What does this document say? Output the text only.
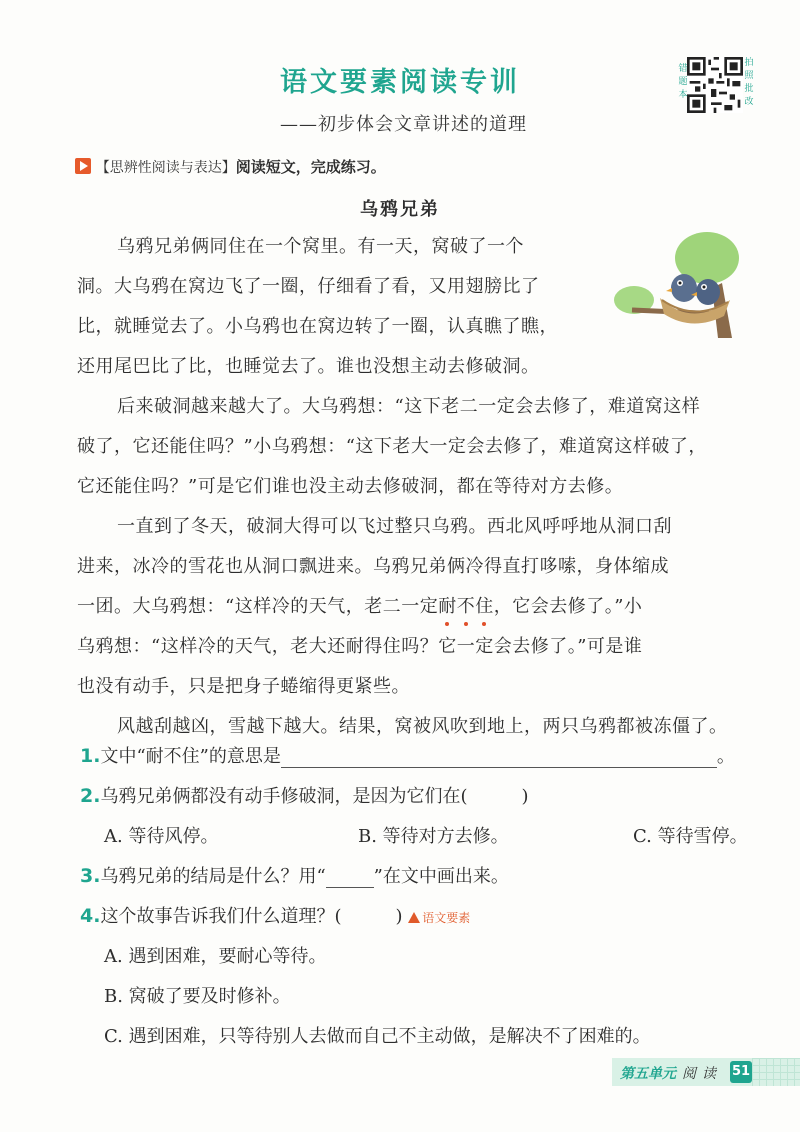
语文要素阅读专训
——初步体会文章讲述的道理
错题本
拍照批改
【思辨性阅读与表达】阅读短文，完成练习。
乌鸦兄弟
乌鸦兄弟俩同住在一个窝里。有一天，窝破了一个
洞。大乌鸦在窝边飞了一圈，仔细看了看，又用翅膀比了
比，就睡觉去了。小乌鸦也在窝边转了一圈，认真瞧了瞧，
还用尾巴比了比，也睡觉去了。谁也没想主动去修破洞。
后来破洞越来越大了。大乌鸦想：“这下老二一定会去修了，难道窝这样
破了，它还能住吗？”小乌鸦想：“这下老大一定会去修了，难道窝这样破了，
它还能住吗？”可是它们谁也没主动去修破洞，都在等待对方去修。
一直到了冬天，破洞大得可以飞过整只乌鸦。西北风呼呼地从洞口刮
进来，冰冷的雪花也从洞口飘进来。乌鸦兄弟俩冷得直打哆嗦，身体缩成
一团。大乌鸦想：“这样冷的天气，老二一定耐
不
住
，它会去修了。”小
乌鸦想：“这样冷的天气，老大还耐得住吗？它一定会去修了。”可是谁
也没有动手，只是把身子蜷缩得更紧些。
风越刮越凶，雪越下越大。结果，窝被风吹到地上，两只乌鸦都被冻僵了。
1.文中“耐不住”的意思是	。
2.乌鸦兄弟俩都没有动手修破洞，是因为它们在(	)
A. 等待风停。	B. 等待对方去修。	C. 等待雪停。
3.乌鸦兄弟的结局是什么？用“	”在文中画出来。
4.这个故事告诉我们什么道理？(	) 语文要素
A. 遇到困难，要耐心等待。
B. 窝破了要及时修补。
C. 遇到困难，只等待别人去做而自己不主动做，是解决不了困难的。
第五单元 阅读 51
